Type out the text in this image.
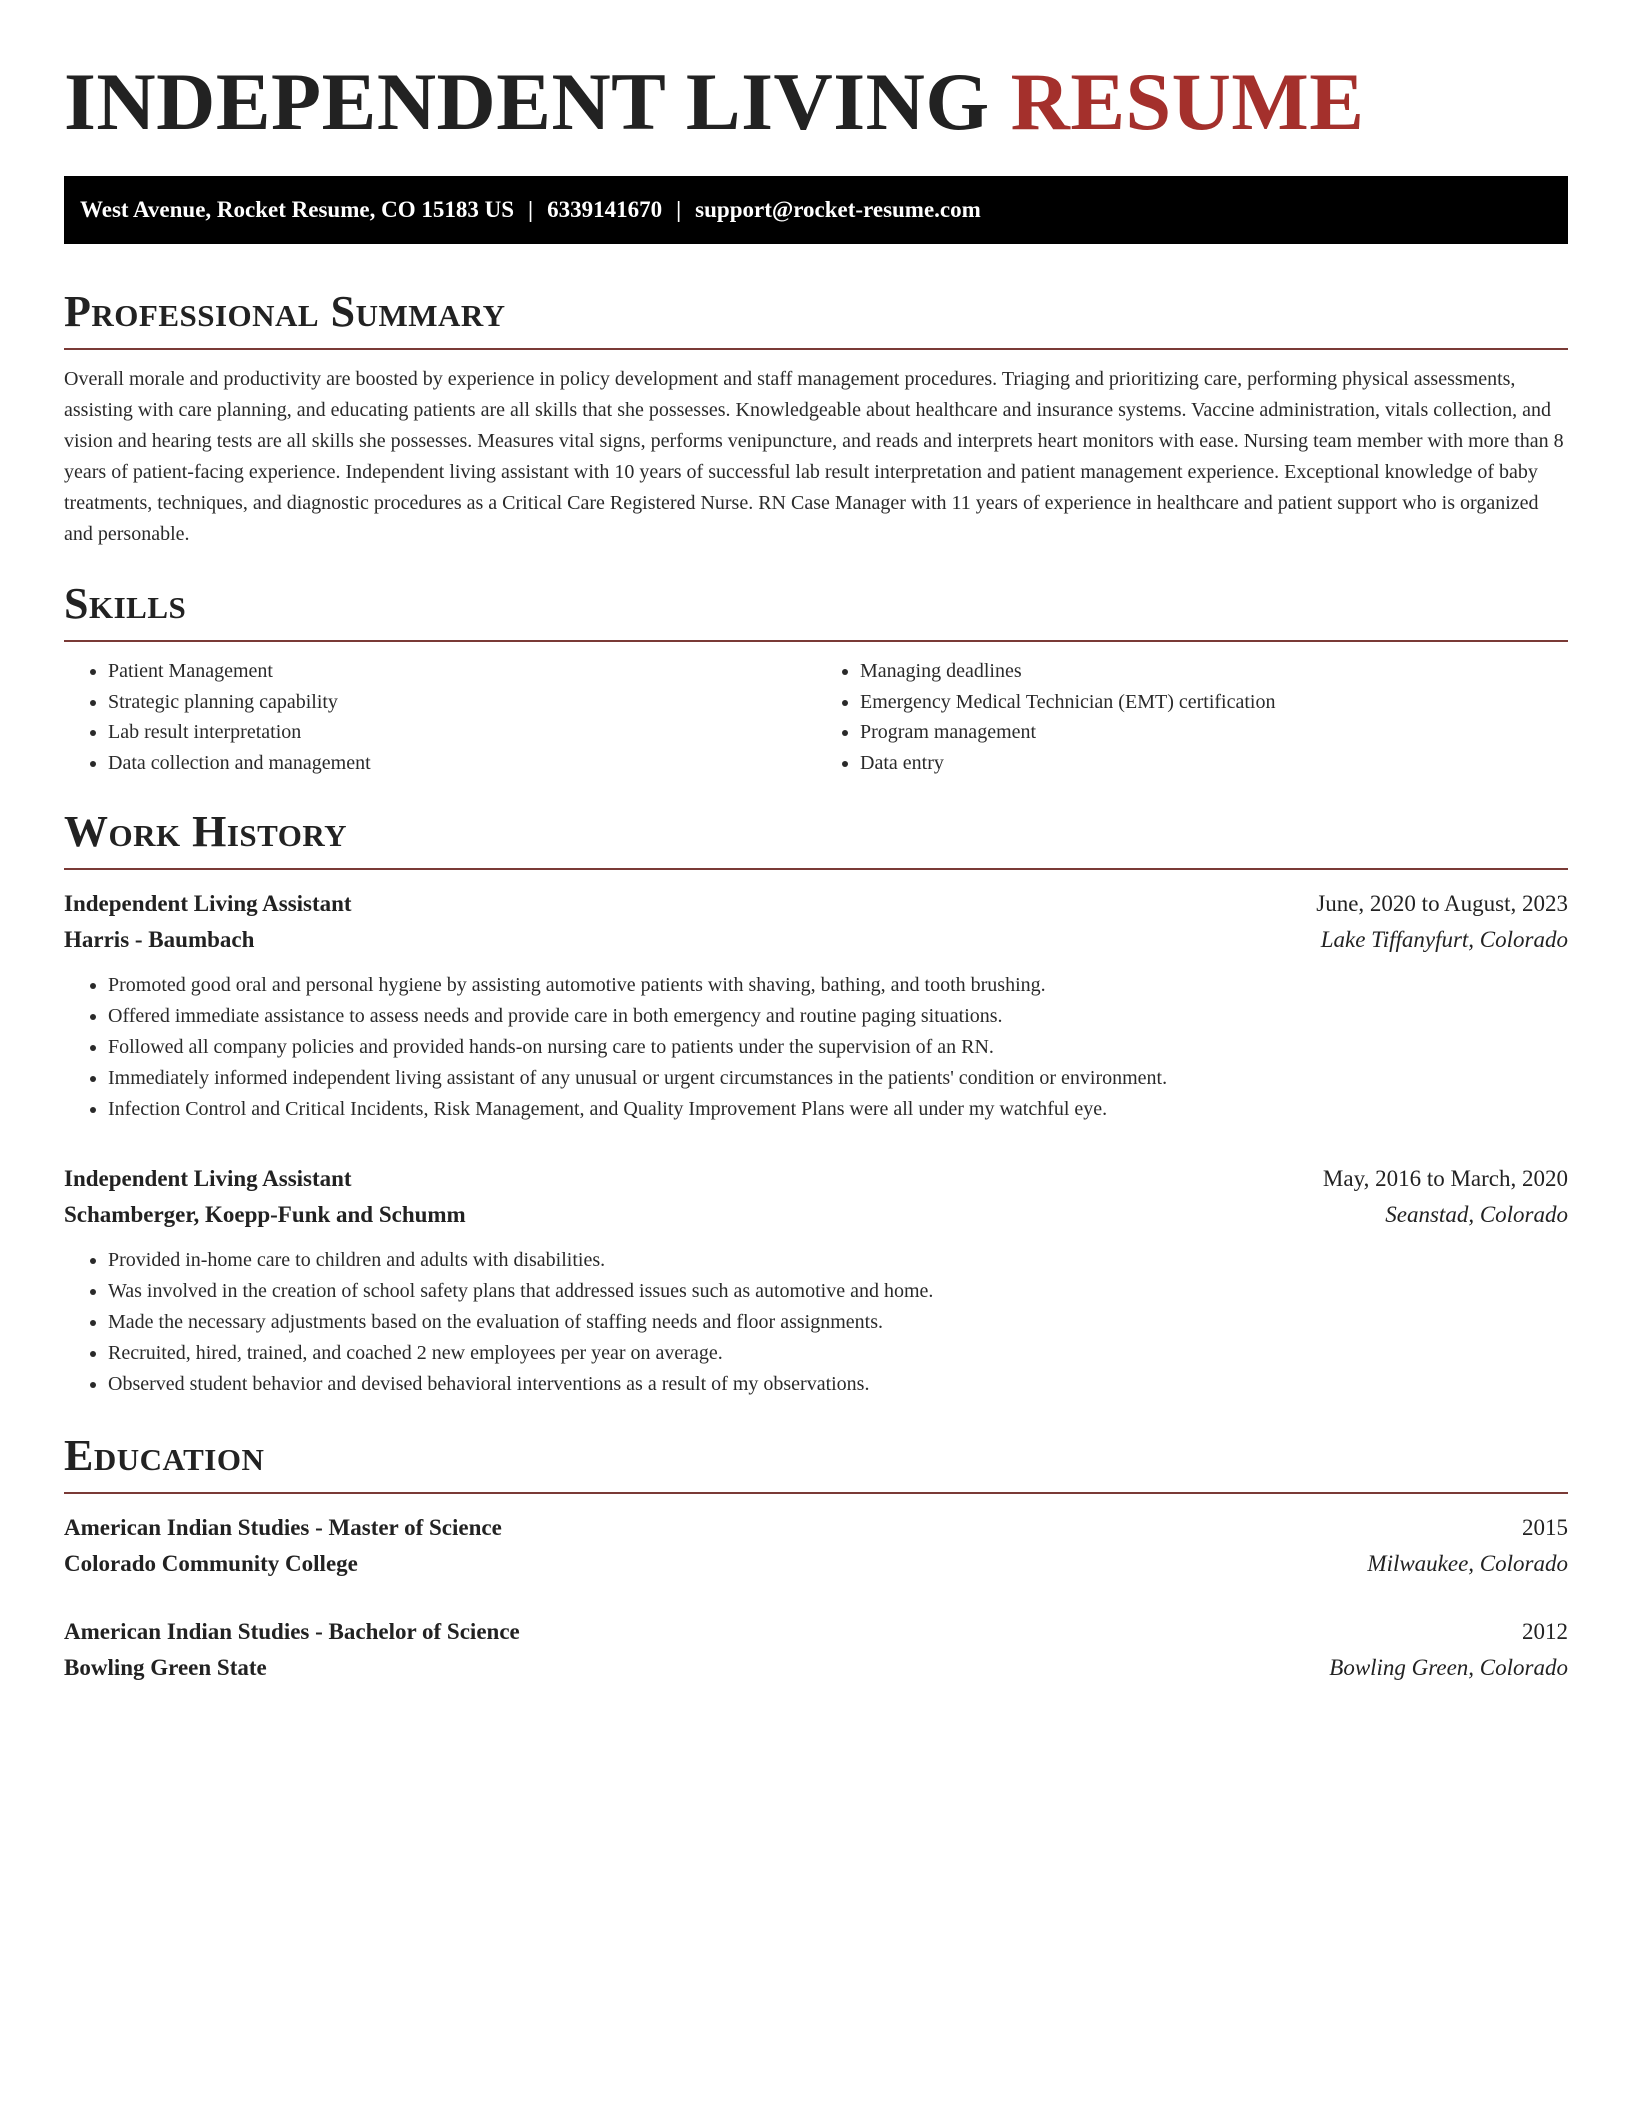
INDEPENDENT LIVING RESUME
West Avenue, Rocket Resume, CO 15183 US | 6339141670 | support@rocket-resume.com
Professional Summary

Overall morale and productivity are boosted by experience in policy development and staff management procedures. Triaging and prioritizing care, performing physical assessments, assisting with care planning, and educating patients are all skills that she possesses. Knowledgeable about healthcare and insurance systems. Vaccine administration, vitals collection, and vision and hearing tests are all skills she possesses. Measures vital signs, performs venipuncture, and reads and interprets heart monitors with ease. Nursing team member with more than 8 years of patient-facing experience. Independent living assistant with 10 years of successful lab result interpretation and patient management experience. Exceptional knowledge of baby treatments, techniques, and diagnostic procedures as a Critical Care Registered Nurse. RN Case Manager with 11 years of experience in healthcare and patient support who is organized and personable.

Skills
• Patient Management
• Strategic planning capability
• Lab result interpretation
• Data collection and management
• Managing deadlines
• Emergency Medical Technician (EMT) certification
• Program management
• Data entry
Work History
Independent Living Assistant	June, 2020 to August, 2023
Harris - Baumbach	Lake Tiffanyfurt, Colorado
• Promoted good oral and personal hygiene by assisting automotive patients with shaving, bathing, and tooth brushing.
• Offered immediate assistance to assess needs and provide care in both emergency and routine paging situations.
• Followed all company policies and provided hands-on nursing care to patients under the supervision of an RN.
• Immediately informed independent living assistant of any unusual or urgent circumstances in the patients' condition or environment.
• Infection Control and Critical Incidents, Risk Management, and Quality Improvement Plans were all under my watchful eye.
Independent Living Assistant	May, 2016 to March, 2020
Schamberger, Koepp-Funk and Schumm	Seanstad, Colorado
• Provided in-home care to children and adults with disabilities.
• Was involved in the creation of school safety plans that addressed issues such as automotive and home.
• Made the necessary adjustments based on the evaluation of staffing needs and floor assignments.
• Recruited, hired, trained, and coached 2 new employees per year on average.
• Observed student behavior and devised behavioral interventions as a result of my observations.
Education
American Indian Studies - Master of Science	2015
Colorado Community College	Milwaukee, Colorado
American Indian Studies - Bachelor of Science	2012
Bowling Green State	Bowling Green, Colorado
